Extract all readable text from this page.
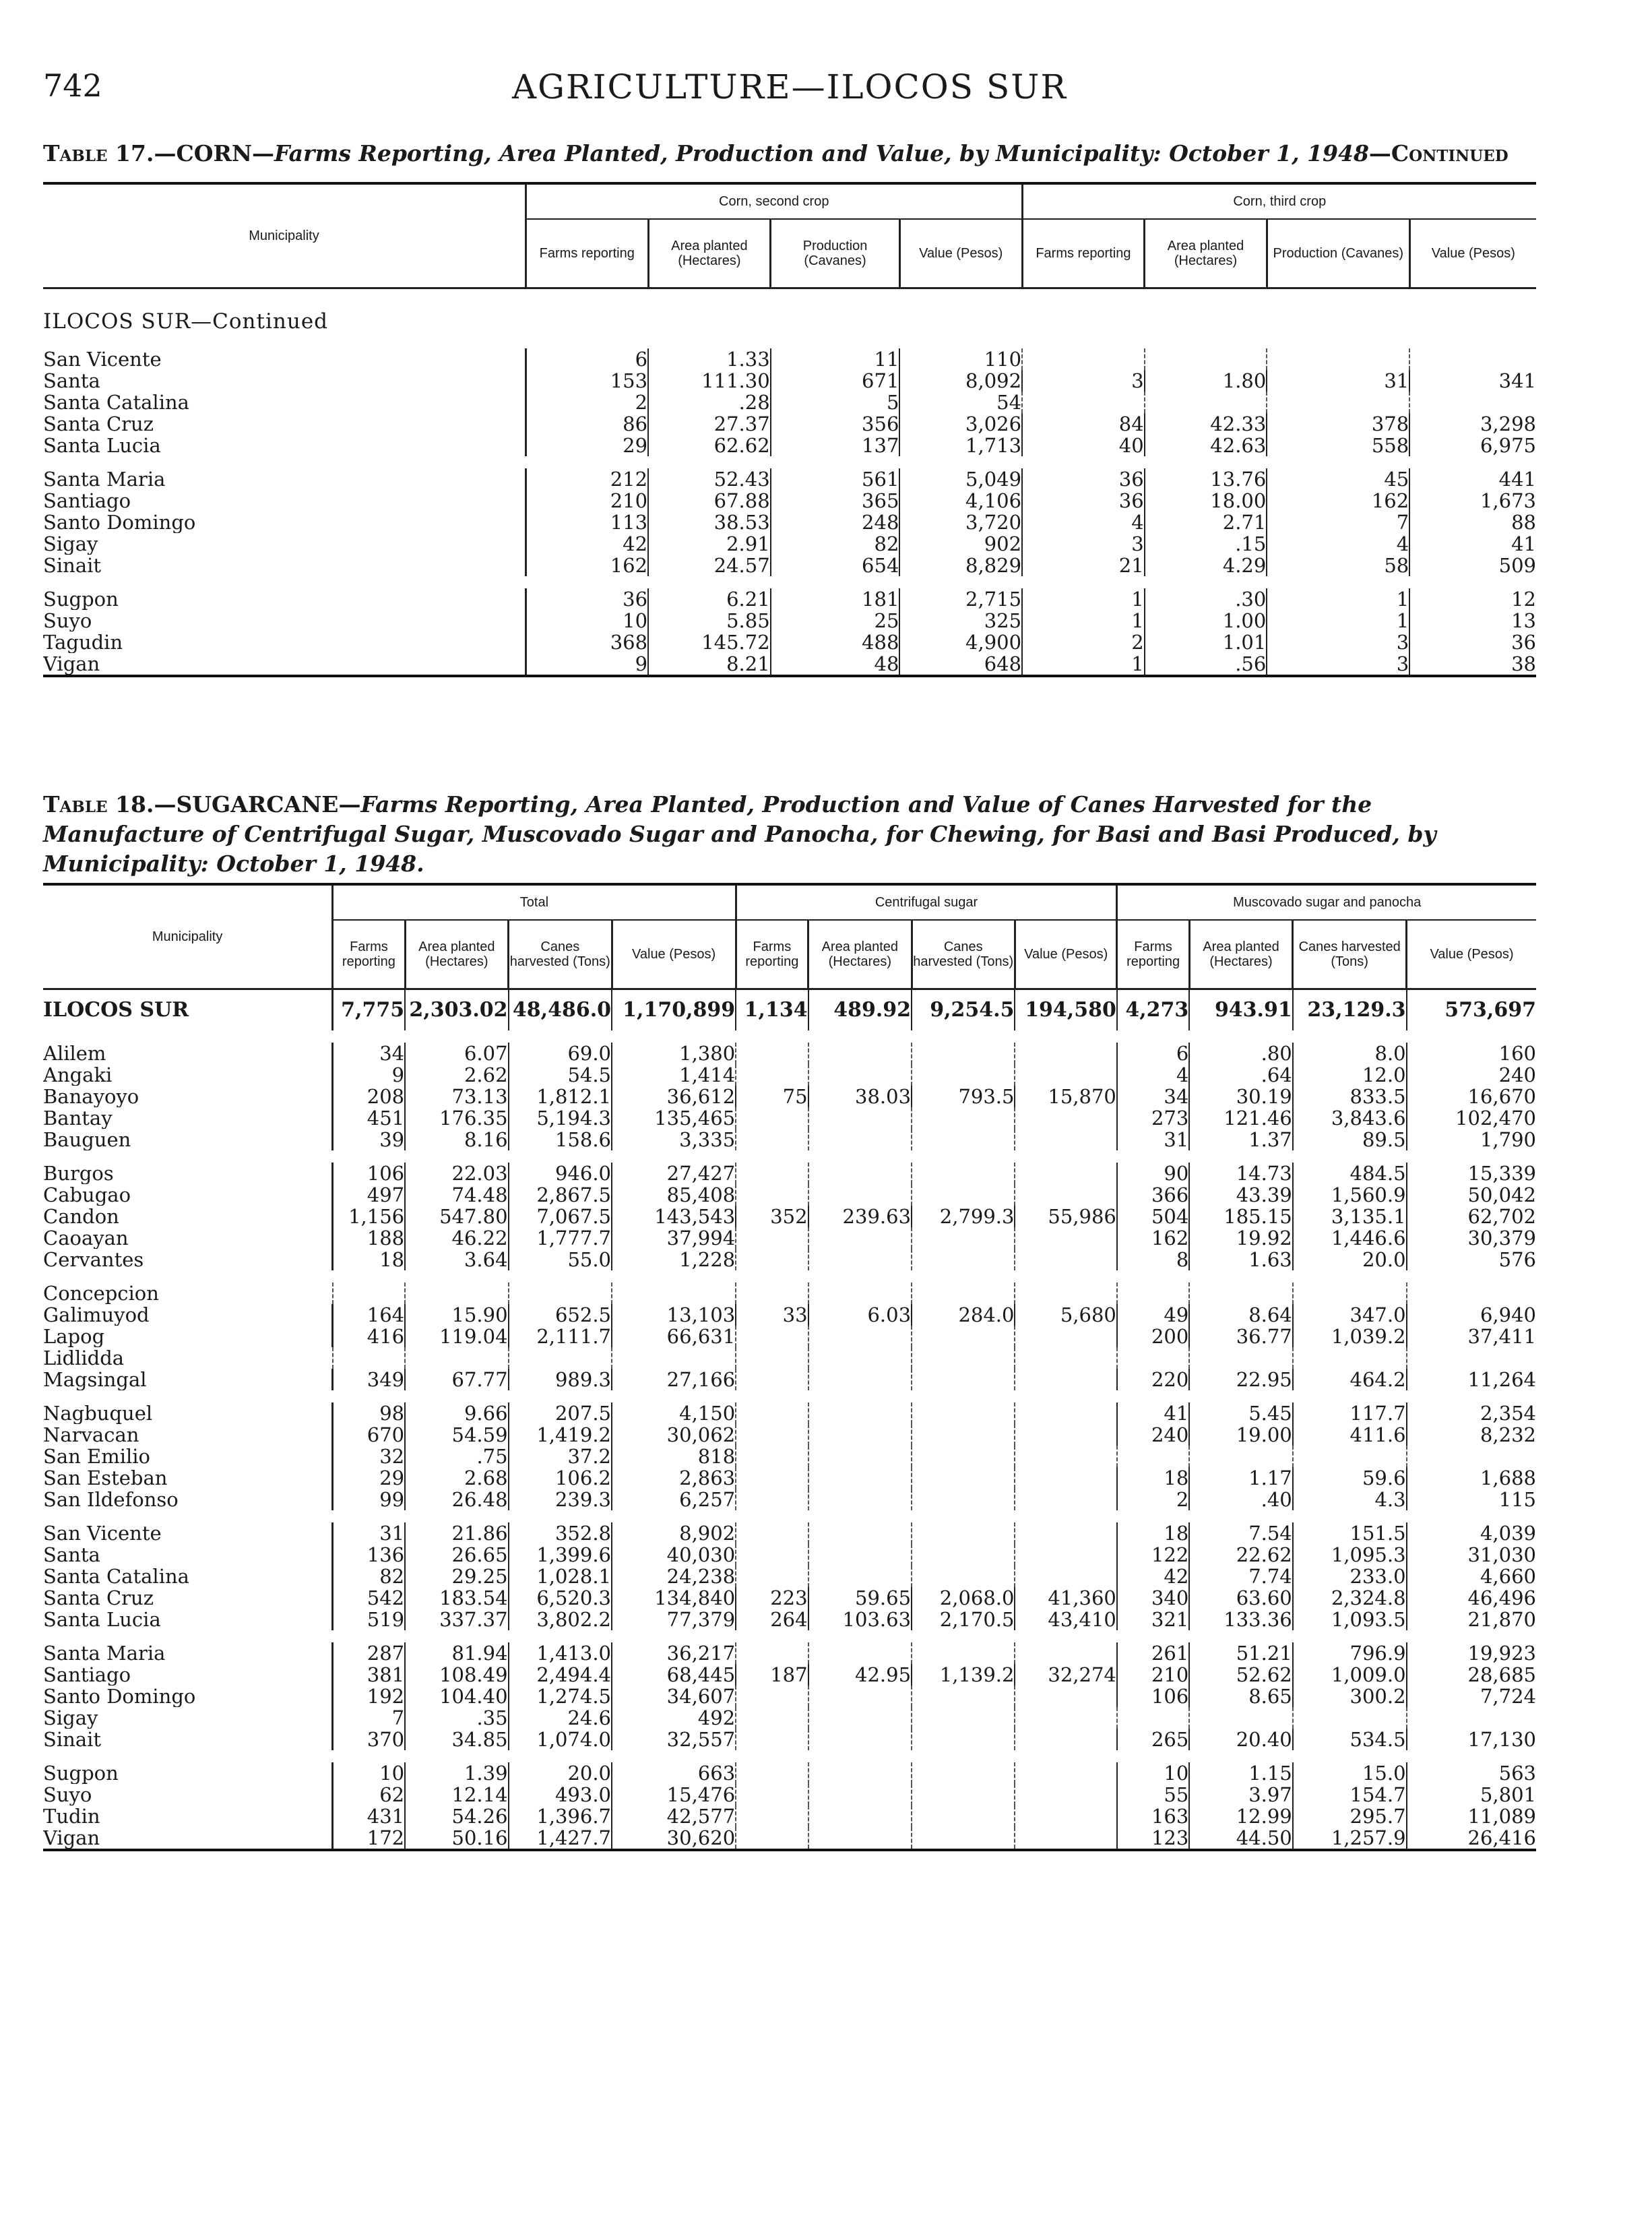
742	AGRICULTURE—ILOCOS SUR
Table 17.—CORN—Farms Reporting, Area Planted, Production and Value, by Municipality: October 1, 1948—Continued
Municipality	Corn, second crop				Corn, third crop			
	Farms reporting	Area planted (Hectares)	Production (Cavanes)	Value (Pesos)	Farms reporting	Area planted (Hectares)	Production (Cavanes)	Value (Pesos)
ILOCOS SUR—Continued								

San Vicente	6	1.33	11	110				
Santa	153	111.30	671	8,092	3	1.80	31	341
Santa Catalina	2	.28	5	54				
Santa Cruz	86	27.37	356	3,026	84	42.33	378	3,298
Santa Lucia	29	62.62	137	1,713	40	42.63	558	6,975

Santa Maria	212	52.43	561	5,049	36	13.76	45	441
Santiago	210	67.88	365	4,106	36	18.00	162	1,673
Santo Domingo	113	38.53	248	3,720	4	2.71	7	88
Sigay	42	2.91	82	902	3	.15	4	41
Sinait	162	24.57	654	8,829	21	4.29	58	509

Sugpon	36	6.21	181	2,715	1	.30	1	12
Suyo	10	5.85	25	325	1	1.00	1	13
Tagudin	368	145.72	488	4,900	2	1.01	3	36
Vigan	9	8.21	48	648	1	.56	3	38

Table 18.—SUGARCANE—Farms Reporting, Area Planted, Production and Value of Canes Harvested for the Manufacture of Centrifugal Sugar, Muscovado Sugar and Panocha, for Chewing, for Basi and Basi Produced, by Municipality: October 1, 1948.
Municipality	Total				Centrifugal sugar				Muscovado sugar and panocha			
	Farms reporting	Area planted (Hectares)	Canes harvested (Tons)	Value (Pesos)	Farms reporting	Area planted (Hectares)	Canes harvested (Tons)	Value (Pesos)	Farms reporting	Area planted (Hectares)	Canes harvested (Tons)	Value (Pesos)
ILOCOS SUR	7,775	2,303.02	48,486.0	1,170,899	1,134	489.92	9,254.5	194,580	4,273	943.91	23,129.3	573,697

Alilem	34	6.07	69.0	1,380					6	.80	8.0	160
Angaki	9	2.62	54.5	1,414					4	.64	12.0	240
Banayoyo	208	73.13	1,812.1	36,612	75	38.03	793.5	15,870	34	30.19	833.5	16,670
Bantay	451	176.35	5,194.3	135,465					273	121.46	3,843.6	102,470
Bauguen	39	8.16	158.6	3,335					31	1.37	89.5	1,790

Burgos	106	22.03	946.0	27,427					90	14.73	484.5	15,339
Cabugao	497	74.48	2,867.5	85,408					366	43.39	1,560.9	50,042
Candon	1,156	547.80	7,067.5	143,543	352	239.63	2,799.3	55,986	504	185.15	3,135.1	62,702
Caoayan	188	46.22	1,777.7	37,994					162	19.92	1,446.6	30,379
Cervantes	18	3.64	55.0	1,228					8	1.63	20.0	576

Concepcion												
Galimuyod	164	15.90	652.5	13,103	33	6.03	284.0	5,680	49	8.64	347.0	6,940
Lapog	416	119.04	2,111.7	66,631					200	36.77	1,039.2	37,411
Lidlidda												
Magsingal	349	67.77	989.3	27,166					220	22.95	464.2	11,264

Nagbuquel	98	9.66	207.5	4,150					41	5.45	117.7	2,354
Narvacan	670	54.59	1,419.2	30,062					240	19.00	411.6	8,232
San Emilio	32	.75	37.2	818								
San Esteban	29	2.68	106.2	2,863					18	1.17	59.6	1,688
San Ildefonso	99	26.48	239.3	6,257					2	.40	4.3	115

San Vicente	31	21.86	352.8	8,902					18	7.54	151.5	4,039
Santa	136	26.65	1,399.6	40,030					122	22.62	1,095.3	31,030
Santa Catalina	82	29.25	1,028.1	24,238					42	7.74	233.0	4,660
Santa Cruz	542	183.54	6,520.3	134,840	223	59.65	2,068.0	41,360	340	63.60	2,324.8	46,496
Santa Lucia	519	337.37	3,802.2	77,379	264	103.63	2,170.5	43,410	321	133.36	1,093.5	21,870

Santa Maria	287	81.94	1,413.0	36,217					261	51.21	796.9	19,923
Santiago	381	108.49	2,494.4	68,445	187	42.95	1,139.2	32,274	210	52.62	1,009.0	28,685
Santo Domingo	192	104.40	1,274.5	34,607					106	8.65	300.2	7,724
Sigay	7	.35	24.6	492								
Sinait	370	34.85	1,074.0	32,557					265	20.40	534.5	17,130

Sugpon	10	1.39	20.0	663					10	1.15	15.0	563
Suyo	62	12.14	493.0	15,476					55	3.97	154.7	5,801
Tudin	431	54.26	1,396.7	42,577					163	12.99	295.7	11,089
Vigan	172	50.16	1,427.7	30,620					123	44.50	1,257.9	26,416
